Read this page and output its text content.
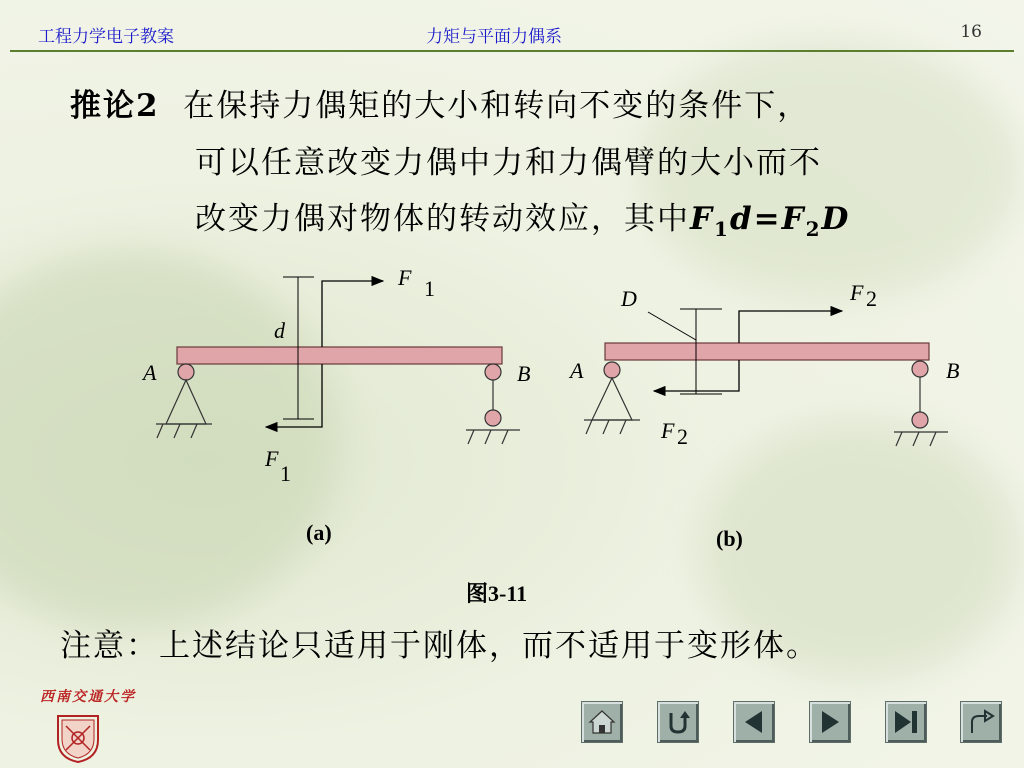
工程力学电子教案	力矩与平面力偶系	16
推论2 在保持力偶矩的大小和转向不变的条件下，
可以任意改变力偶中力和力偶臂的大小而不
改变力偶对物体的转动效应，其中$F_1d=F_2D$
F 1
d
A	B
F
1
D	F 2
A	B
F 2
(a)	(b)
图3-11
注意：上述结论只适用于刚体，而不适用于变形体。
西南交通大学
